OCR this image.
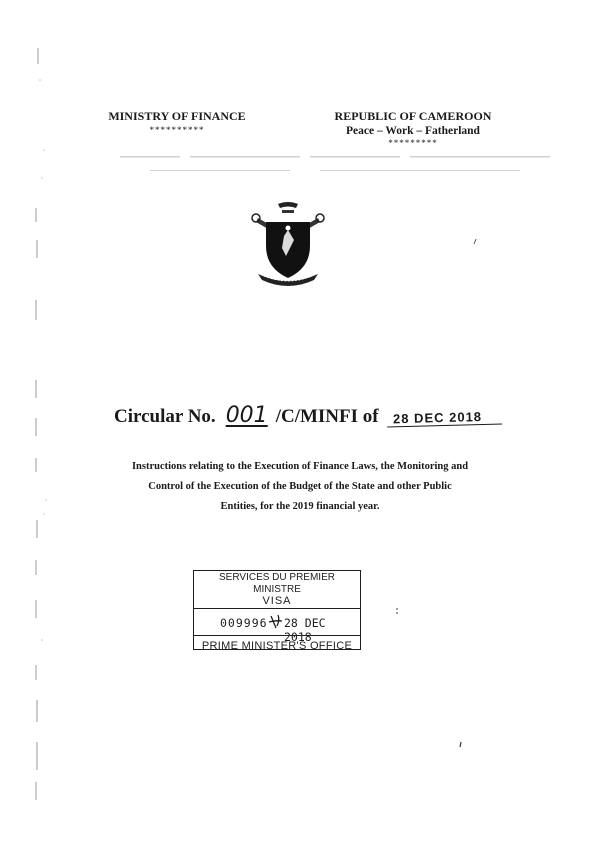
MINISTRY OF FINANCE
**********
REPUBLIC OF CAMEROON
Peace – Work – Fatherland
*********
Circular No. 001 /C/MINFI of 28 DEC 2018
Instructions relating to the Execution of Finance Laws, the Monitoring and
Control of the Execution of the Budget of the State and other Public
Entities, for the 2019 financial year.
SERVICES DU PREMIER MINISTRE
VISA
009996 28 DEC 2018
PRIME MINISTER'S OFFICE
